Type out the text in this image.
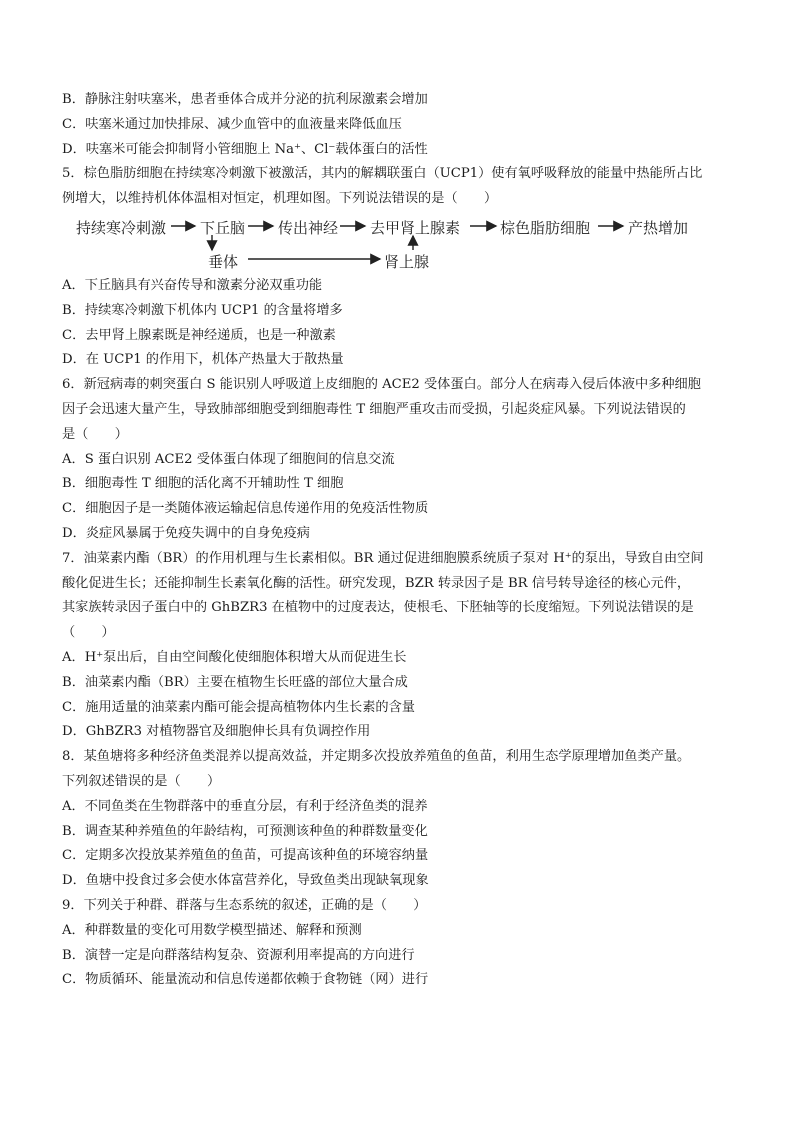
B．静脉注射呋塞米，患者垂体合成并分泌的抗利尿激素会增加
C．呋塞米通过加快排尿、减少血管中的血液量来降低血压
D．呋塞米可能会抑制肾小管细胞上 Na⁺、Cl⁻载体蛋白的活性
5．棕色脂肪细胞在持续寒冷刺激下被激活，其内的解耦联蛋白（UCP1）使有氧呼吸释放的能量中热能所占比
例增大，以维持机体体温相对恒定，机理如图。下列说法错误的是（　　）
持续寒冷刺激 下丘脑 传出神经 去甲肾上腺素	棕色脂肪细胞	产热增加
垂体	肾上腺
A．下丘脑具有兴奋传导和激素分泌双重功能
B．持续寒冷刺激下机体内 UCP1 的含量将增多
C．去甲肾上腺素既是神经递质，也是一种激素
D．在 UCP1 的作用下，机体产热量大于散热量
6．新冠病毒的刺突蛋白 S 能识别人呼吸道上皮细胞的 ACE2 受体蛋白。部分人在病毒入侵后体液中多种细胞
因子会迅速大量产生，导致肺部细胞受到细胞毒性 T 细胞严重攻击而受损，引起炎症风暴。下列说法错误的
是（　　）
A．S 蛋白识别 ACE2 受体蛋白体现了细胞间的信息交流
B．细胞毒性 T 细胞的活化离不开辅助性 T 细胞
C．细胞因子是一类随体液运输起信息传递作用的免疫活性物质
D．炎症风暴属于免疫失调中的自身免疫病
7．油菜素内酯（BR）的作用机理与生长素相似。BR 通过促进细胞膜系统质子泵对 H⁺的泵出，导致自由空间
酸化促进生长；还能抑制生长素氧化酶的活性。研究发现，BZR 转录因子是 BR 信号转导途径的核心元件，
其家族转录因子蛋白中的 GhBZR3 在植物中的过度表达，使根毛、下胚轴等的长度缩短。下列说法错误的是
（　　）
A．H⁺泵出后，自由空间酸化使细胞体积增大从而促进生长
B．油菜素内酯（BR）主要在植物生长旺盛的部位大量合成
C．施用适量的油菜素内酯可能会提高植物体内生长素的含量
D．GhBZR3 对植物器官及细胞伸长具有负调控作用
8．某鱼塘将多种经济鱼类混养以提高效益，并定期多次投放养殖鱼的鱼苗，利用生态学原理增加鱼类产量。
下列叙述错误的是（　　）
A．不同鱼类在生物群落中的垂直分层，有利于经济鱼类的混养
B．调查某种养殖鱼的年龄结构，可预测该种鱼的种群数量变化
C．定期多次投放某养殖鱼的鱼苗，可提高该种鱼的环境容纳量
D．鱼塘中投食过多会使水体富营养化，导致鱼类出现缺氧现象
9．下列关于种群、群落与生态系统的叙述，正确的是（　　）
A．种群数量的变化可用数学模型描述、解释和预测
B．演替一定是向群落结构复杂、资源利用率提高的方向进行
C．物质循环、能量流动和信息传递都依赖于食物链（网）进行
